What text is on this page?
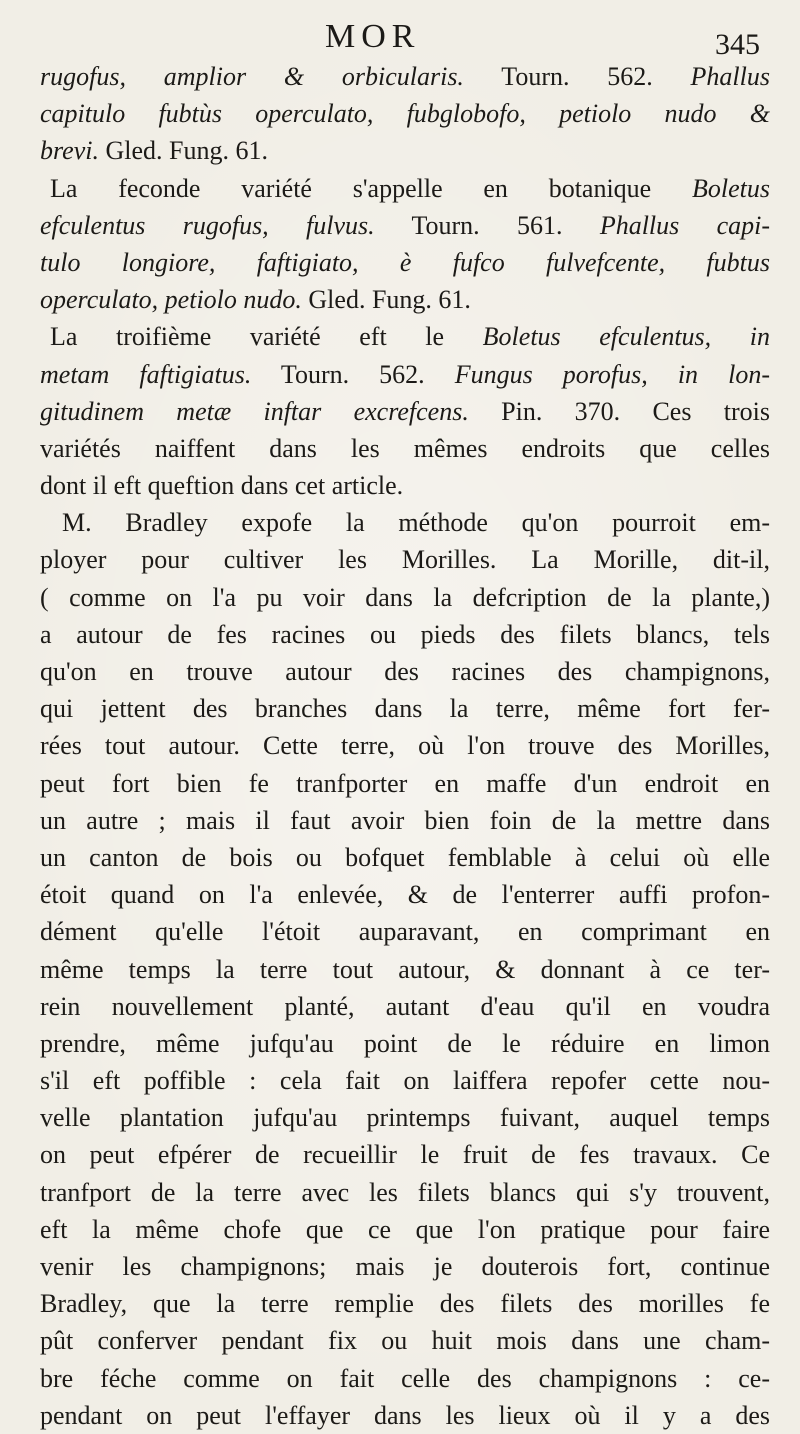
MOR	345
rugofus, amplior & orbicularis. Tourn. 562. Phallus
capitulo fubtùs operculato, fubglobofo, petiolo nudo &
brevi. Gled. Fung. 61.
La feconde variété s'appelle en botanique Boletus
efculentus rugofus, fulvus. Tourn. 561. Phallus capi-
tulo longiore, faftigiato, è fufco fulvefcente, fubtus
operculato, petiolo nudo. Gled. Fung. 61.
La troifième variété eft le Boletus efculentus, in
metam faftigiatus. Tourn. 562. Fungus porofus, in lon-
gitudinem metæ inftar excrefcens. Pin. 370. Ces trois
variétés naiffent dans les mêmes endroits que celles
dont il eft queftion dans cet article.
M. Bradley expofe la méthode qu'on pourroit em-
ployer pour cultiver les Morilles. La Morille, dit-il,
( comme on l'a pu voir dans la defcription de la plante,)
a autour de fes racines ou pieds des filets blancs, tels
qu'on en trouve autour des racines des champignons,
qui jettent des branches dans la terre, même fort fer-
rées tout autour. Cette terre, où l'on trouve des Morilles,
peut fort bien fe tranfporter en maffe d'un endroit en
un autre ; mais il faut avoir bien foin de la mettre dans
un canton de bois ou bofquet femblable à celui où elle
étoit quand on l'a enlevée, & de l'enterrer auffi profon-
dément qu'elle l'étoit auparavant, en comprimant en
même temps la terre tout autour, & donnant à ce ter-
rein nouvellement planté, autant d'eau qu'il en voudra
prendre, même jufqu'au point de le réduire en limon
s'il eft poffible : cela fait on laiffera repofer cette nou-
velle plantation jufqu'au printemps fuivant, auquel temps
on peut efpérer de recueillir le fruit de fes travaux. Ce
tranfport de la terre avec les filets blancs qui s'y trouvent,
eft la même chofe que ce que l'on pratique pour faire
venir les champignons; mais je douterois fort, continue
Bradley, que la terre remplie des filets des morilles fe
pût conferver pendant fix ou huit mois dans une cham-
bre féche comme on fait celle des champignons : ce-
pendant on peut l'effayer dans les lieux où il y a des
